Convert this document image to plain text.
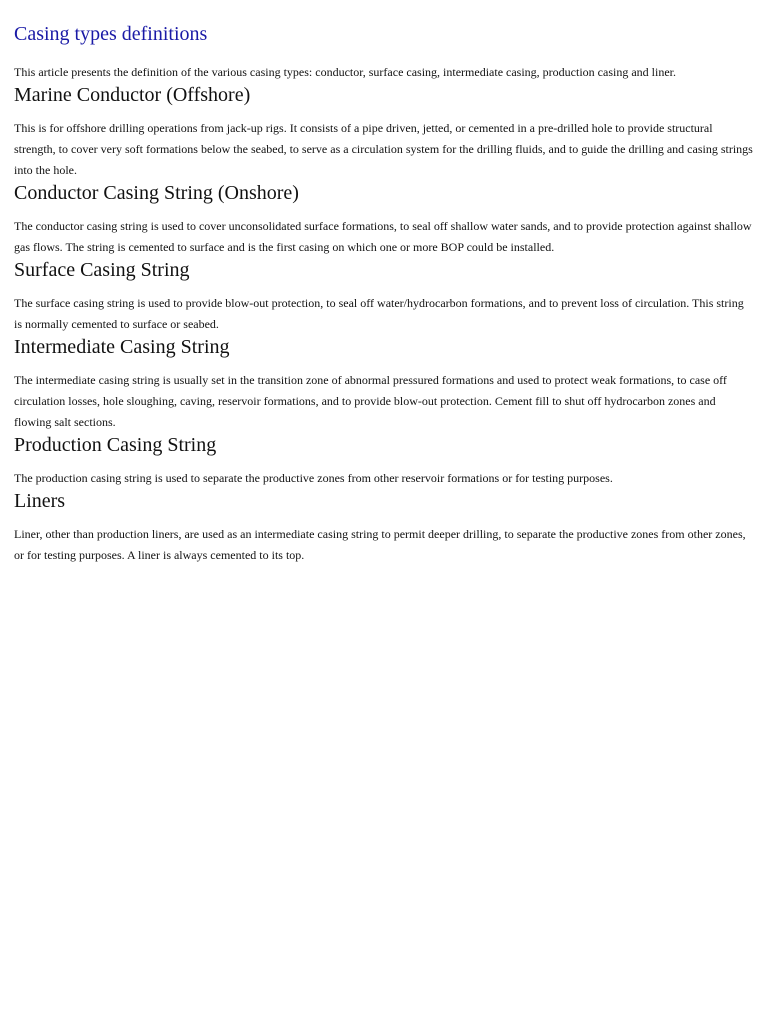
Casing types definitions

This article presents the definition of the various casing types: conductor, surface casing, intermediate casing, production casing and liner.

Marine Conductor (Offshore)

This is for offshore drilling operations from jack-up rigs. It consists of a pipe driven, jetted, or cemented in a pre-drilled hole to provide structural strength, to cover very soft formations below the seabed, to serve as a circulation system for the drilling fluids, and to guide the drilling and casing strings into the hole.

Conductor Casing String (Onshore)

The conductor casing string is used to cover unconsolidated surface formations, to seal off shallow water sands, and to provide protection against shallow gas flows. The string is cemented to surface and is the first casing on which one or more BOP could be installed.

Surface Casing String

The surface casing string is used to provide blow-out protection, to seal off water/hydrocarbon formations, and to prevent loss of circulation. This string is normally cemented to surface or seabed.

Intermediate Casing String

The intermediate casing string is usually set in the transition zone of abnormal pressured formations and used to protect weak formations, to case off circulation losses, hole sloughing, caving, reservoir formations, and to provide blow-out protection. Cement fill to shut off hydrocarbon zones and flowing salt sections.

Production Casing String

The production casing string is used to separate the productive zones from other reservoir formations or for testing purposes.

Liners

Liner, other than production liners, are used as an intermediate casing string to permit deeper drilling, to separate the productive zones from other zones, or for testing purposes. A liner is always cemented to its top.
